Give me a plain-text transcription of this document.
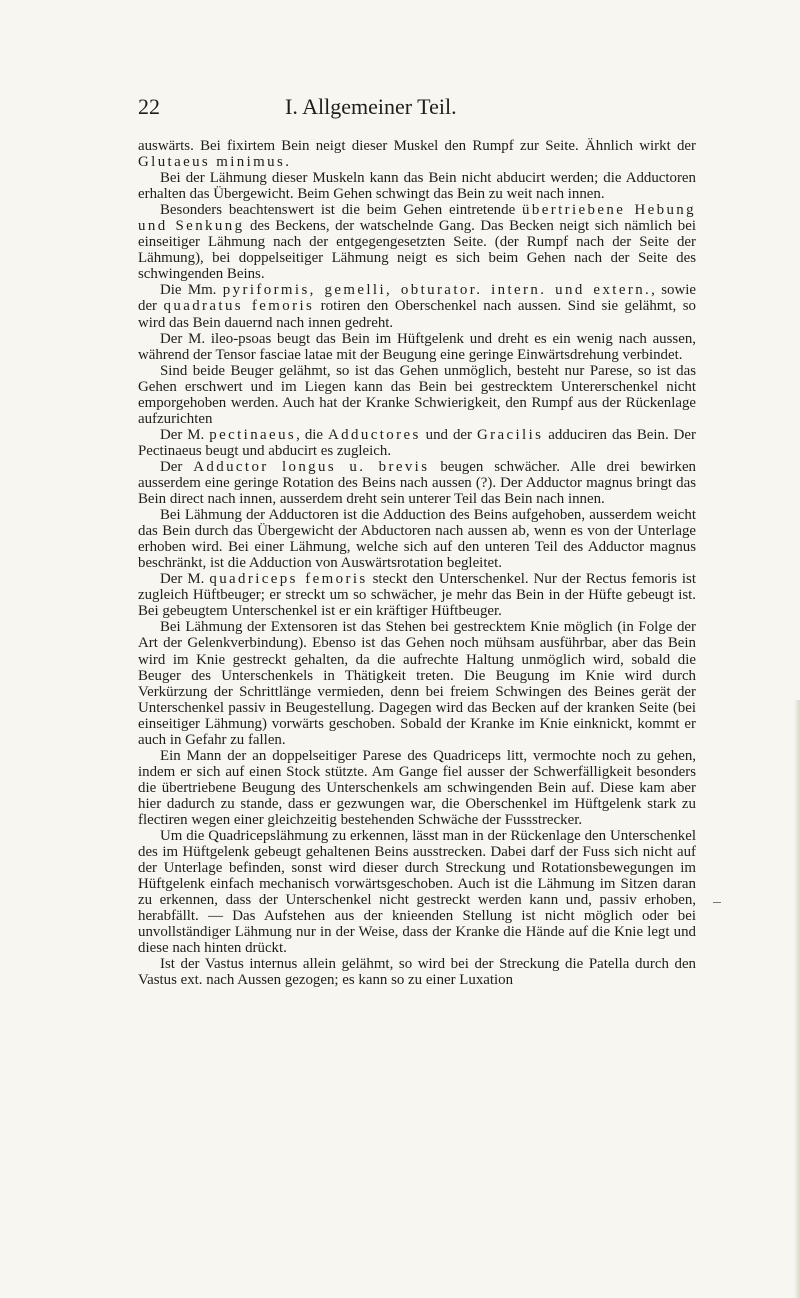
22	I. Allgemeiner Teil.

auswärts. Bei fixirtem Bein neigt dieser Muskel den Rumpf zur Seite. Ähnlich wirkt der Glutaeus minimus.

Bei der Lähmung dieser Muskeln kann das Bein nicht abducirt werden; die Adductoren erhalten das Übergewicht. Beim Gehen schwingt das Bein zu weit nach innen.

Besonders beachtenswert ist die beim Gehen eintretende übertriebene Hebung und Senkung des Beckens, der watschelnde Gang. Das Becken neigt sich nämlich bei einseitiger Lähmung nach der entgegengesetzten Seite. (der Rumpf nach der Seite der Lähmung), bei doppelseitiger Lähmung neigt es sich beim Gehen nach der Seite des schwingenden Beins.

Die Mm. pyriformis, gemelli, obturator. intern. und extern., sowie der quadratus femoris rotiren den Oberschenkel nach aussen. Sind sie gelähmt, so wird das Bein dauernd nach innen gedreht.

Der M. ileo-psoas beugt das Bein im Hüftgelenk und dreht es ein wenig nach aussen, während der Tensor fasciae latae mit der Beugung eine geringe Einwärtsdrehung verbindet.

Sind beide Beuger gelähmt, so ist das Gehen unmöglich, besteht nur Parese, so ist das Gehen erschwert und im Liegen kann das Bein bei gestrecktem Untererschenkel nicht emporgehoben werden. Auch hat der Kranke Schwierigkeit, den Rumpf aus der Rückenlage aufzurichten

Der M. pectinaeus, die Adductores und der Gracilis adduciren das Bein. Der Pectinaeus beugt und abducirt es zugleich.

Der Adductor longus u. brevis beugen schwächer. Alle drei bewirken ausserdem eine geringe Rotation des Beins nach aussen (?). Der Adductor magnus bringt das Bein direct nach innen, ausserdem dreht sein unterer Teil das Bein nach innen.

Bei Lähmung der Adductoren ist die Adduction des Beins aufgehoben, ausserdem weicht das Bein durch das Übergewicht der Abductoren nach aussen ab, wenn es von der Unterlage erhoben wird. Bei einer Lähmung, welche sich auf den unteren Teil des Adductor magnus beschränkt, ist die Adduction von Auswärtsrotation begleitet.

Der M. quadriceps femoris steckt den Unterschenkel. Nur der Rectus femoris ist zugleich Hüftbeuger; er streckt um so schwächer, je mehr das Bein in der Hüfte gebeugt ist. Bei gebeugtem Unterschenkel ist er ein kräftiger Hüftbeuger.

Bei Lähmung der Extensoren ist das Stehen bei gestrecktem Knie möglich (in Folge der Art der Gelenkverbindung). Ebenso ist das Gehen noch mühsam ausführbar, aber das Bein wird im Knie gestreckt gehalten, da die aufrechte Haltung unmöglich wird, sobald die Beuger des Unterschenkels in Thätigkeit treten. Die Beugung im Knie wird durch Verkürzung der Schrittlänge vermieden, denn bei freiem Schwingen des Beines gerät der Unterschenkel passiv in Beugestellung. Dagegen wird das Becken auf der kranken Seite (bei einseitiger Lähmung) vorwärts geschoben. Sobald der Kranke im Knie einknickt, kommt er auch in Gefahr zu fallen.

Ein Mann der an doppelseitiger Parese des Quadriceps litt, vermochte noch zu gehen, indem er sich auf einen Stock stützte. Am Gange fiel ausser der Schwerfälligkeit besonders die übertriebene Beugung des Unterschenkels am schwingenden Bein auf. Diese kam aber hier dadurch zu stande, dass er gezwungen war, die Oberschenkel im Hüftgelenk stark zu flectiren wegen einer gleichzeitig bestehenden Schwäche der Fussstrecker.

Um die Quadricepslähmung zu erkennen, lässt man in der Rückenlage den Unterschenkel des im Hüftgelenk gebeugt gehaltenen Beins ausstrecken. Dabei darf der Fuss sich nicht auf der Unterlage befinden, sonst wird dieser durch Streckung und Rotationsbewegungen im Hüftgelenk einfach mechanisch vorwärtsgeschoben. Auch ist die Lähmung im Sitzen daran zu erkennen, dass der Unterschenkel nicht gestreckt werden kann und, passiv erhoben, herabfällt. — Das Aufstehen aus der knieenden Stellung ist nicht möglich oder bei unvollständiger Lähmung nur in der Weise, dass der Kranke die Hände auf die Knie legt und diese nach hinten drückt.

Ist der Vastus internus allein gelähmt, so wird bei der Streckung die Patella durch den Vastus ext. nach Aussen gezogen; es kann so zu einer Luxation
